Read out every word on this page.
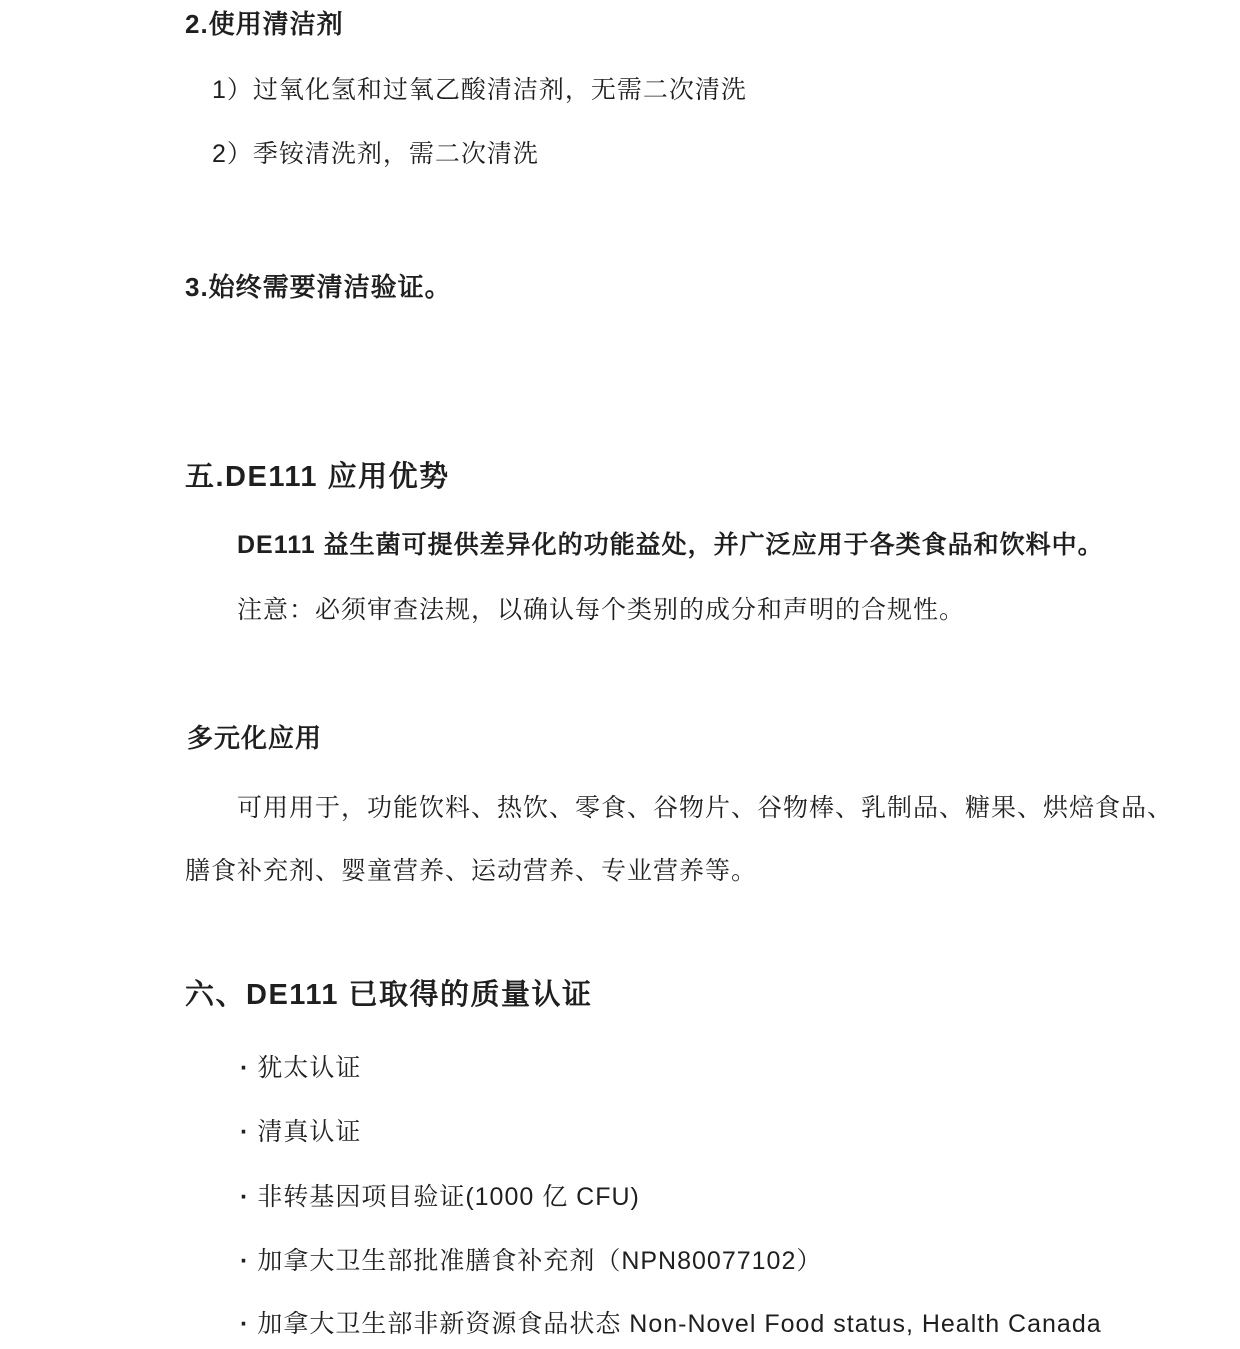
2.使用清洁剂
1）过氧化氢和过氧乙酸清洁剂，无需二次清洗
2）季铵清洗剂，需二次清洗
3.始终需要清洁验证。
五.DE111 应用优势
DE111 益生菌可提供差异化的功能益处，并广泛应用于各类食品和饮料中。
注意：必须审查法规，以确认每个类别的成分和声明的合规性。
多元化应用
可用用于，功能饮料、热饮、零食、谷物片、谷物棒、乳制品、糖果、烘焙食品、
膳食补充剂、婴童营养、运动营养、专业营养等。
六、DE111 已取得的质量认证
· 犹太认证
· 清真认证
· 非转基因项目验证(1000 亿 CFU)
· 加拿大卫生部批准膳食补充剂（NPN80077102）
· 加拿大卫生部非新资源食品状态 Non-Novel Food status, Health Canada
